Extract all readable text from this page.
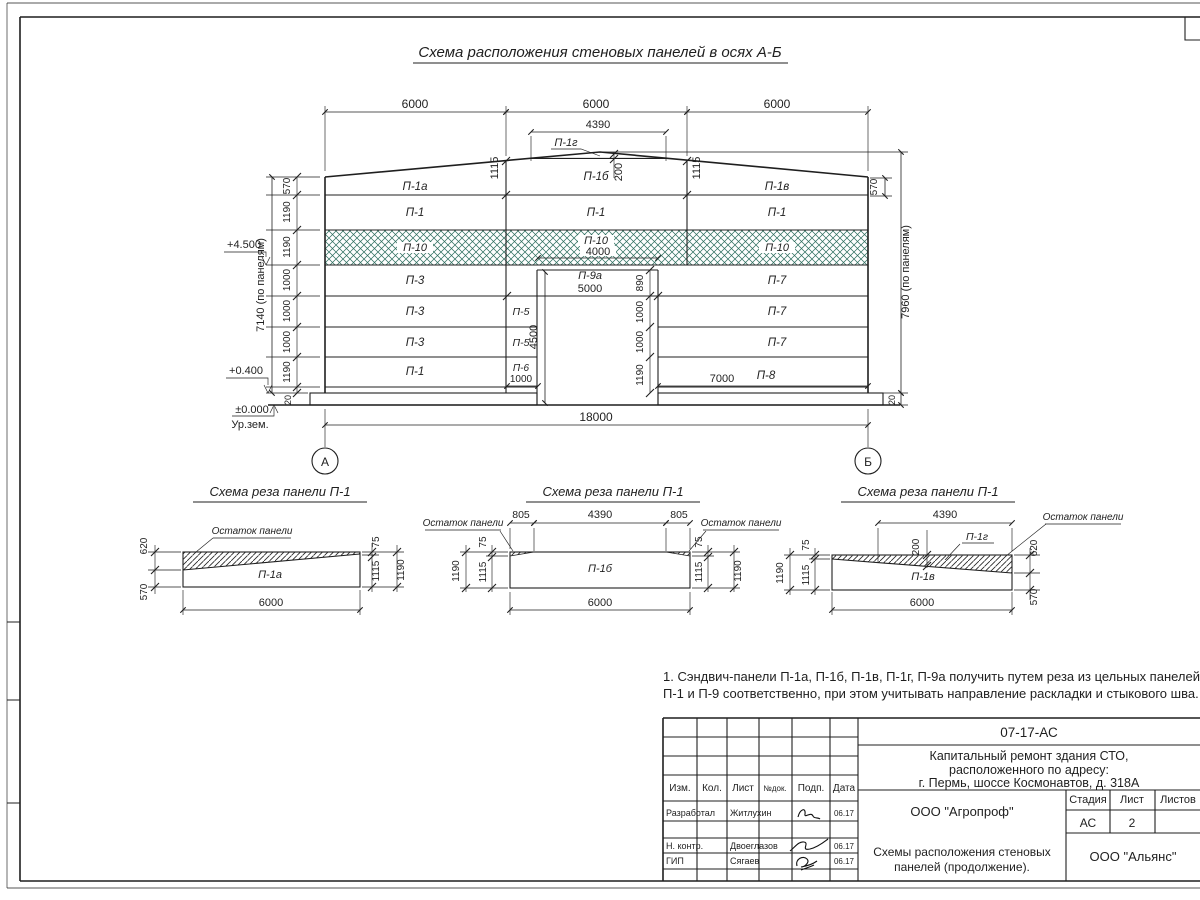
Схема расположения стеновых панелей в осях А-Б
6000	6000	6000
4390
1115	1115
П-1г
200
570
1190
1190
1000
1000
1000
1190
20
7140 (по панелям)
+4.500
+0.400
±0.000
Ур.зем.
570
7960 (по панелям)
20
4500
890
1000
1000
1190
П-9а
5000
4000
1000	7000
18000
А	Б
П-1а
П-1б
П-1в
П-1	П-1	П-1
П-10
П-10
П-10
П-3	П-7
П-3	П-5	П-7
П-3	П-5	П-7
П-1	П-6
П-8
Схема реза панели П-1
Остаток панели
П-1а
620
570
75
1115 1190
6000
Схема реза панели П-1
П-1б
Остаток панели	Остаток панели
805	4390	805
75
1115
1190
75
1115	1190
6000
Схема реза панели П-1
П-1в
П-1г
Остаток панели
200
4390
75
1115
1190
620
570
6000
1. Сэндвич-панели П-1а, П-1б, П-1в, П-1г, П-9а получить путем реза из цельных панелей
П-1 и П-9 соответственно, при этом учитывать направление раскладки и стыкового шва.
07-17-АС
Капитальный ремонт здания СТО,
расположенного по адресу:
г. Пермь, шоссе Космонавтов, д. 318А
Изм. Кол. Лист №док. Подп. Дата
Разработал Житлухин	06.17
Н. контр.	Двоеглазов	06.17
ГИП	Сягаев	06.17
ООО "Агропроф"
Стадия Лист Листов
АС	2
Схемы расположения стеновых
панелей (продолжение).
ООО "Альянс"
